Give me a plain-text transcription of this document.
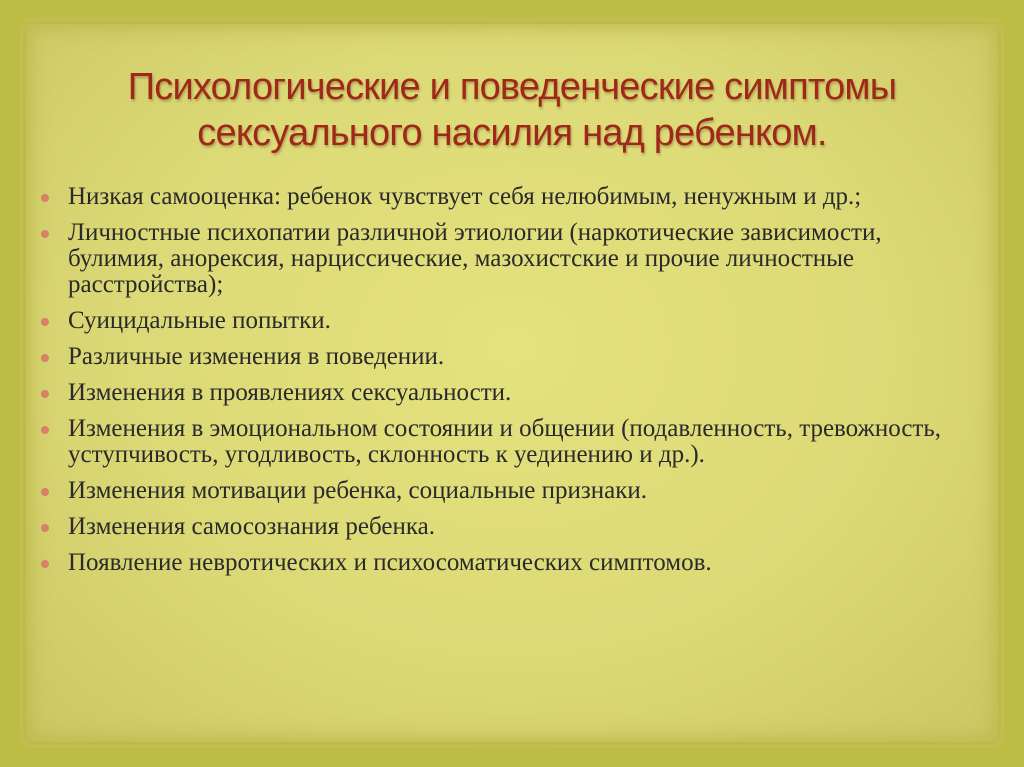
Психологические и поведенческие симптомы
сексуального насилия над ребенком.
Низкая самооценка: ребенок чувствует себя нелюбимым, ненужным и др.;
Личностные психопатии различной этиологии (наркотические зависимости, булимия, анорексия, нарциссические, мазохистские и прочие личностные расстройства);
Суицидальные попытки.
Различные изменения в поведении.
Изменения в проявлениях сексуальности.
Изменения в эмоциональном состоянии и общении (подавленность, тревожность, уступчивость, угодливость, склонность к уединению и др.).
Изменения мотивации ребенка, социальные признаки.
Изменения самосознания ребенка.
Появление невротических и психосоматических симптомов.
